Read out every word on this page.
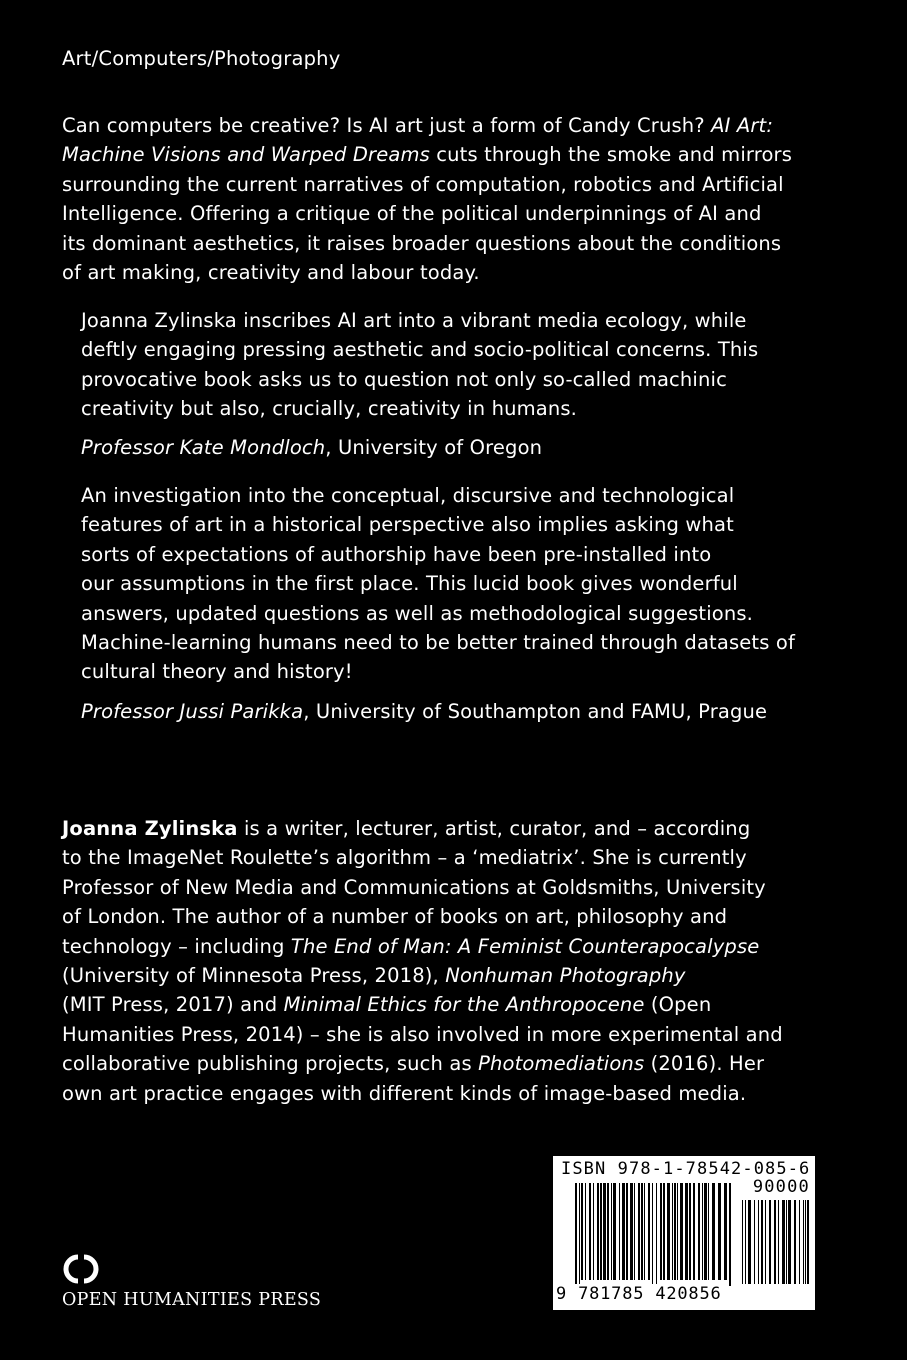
Art/Computers/Photography

Can computers be creative? Is AI art just a form of Candy Crush? AI Art:
Machine Visions and Warped Dreams cuts through the smoke and mirrors
surrounding the current narratives of computation, robotics and Artificial
Intelligence. Offering a critique of the political underpinnings of AI and
its dominant aesthetics, it raises broader questions about the conditions
of art making, creativity and labour today.

Joanna Zylinska inscribes AI art into a vibrant media ecology, while
deftly engaging pressing aesthetic and socio-political concerns. This
provocative book asks us to question not only so-called machinic
creativity but also, crucially, creativity in humans.

Professor Kate Mondloch, University of Oregon

An investigation into the conceptual, discursive and technological
features of art in a historical perspective also implies asking what
sorts of expectations of authorship have been pre-installed into
our assumptions in the first place. This lucid book gives wonderful
answers, updated questions as well as methodological suggestions.
Machine-learning humans need to be better trained through datasets of
cultural theory and history!

Professor Jussi Parikka, University of Southampton and FAMU, Prague

Joanna Zylinska is a writer, lecturer, artist, curator, and – according
to the ImageNet Roulette’s algorithm – a ‘mediatrix’. She is currently
Professor of New Media and Communications at Goldsmiths, University
of London. The author of a number of books on art, philosophy and
technology – including The End of Man: A Feminist Counterapocalypse
(University of Minnesota Press, 2018), Nonhuman Photography
(MIT Press, 2017) and Minimal Ethics for the Anthropocene (Open
Humanities Press, 2014) – she is also involved in more experimental and
collaborative publishing projects, such as Photomediations (2016). Her
own art practice engages with different kinds of image-based media.

ISBN 978-1-78542-085-6
90000
9 781785 420856
OPEN HUMANITIES PRESS
